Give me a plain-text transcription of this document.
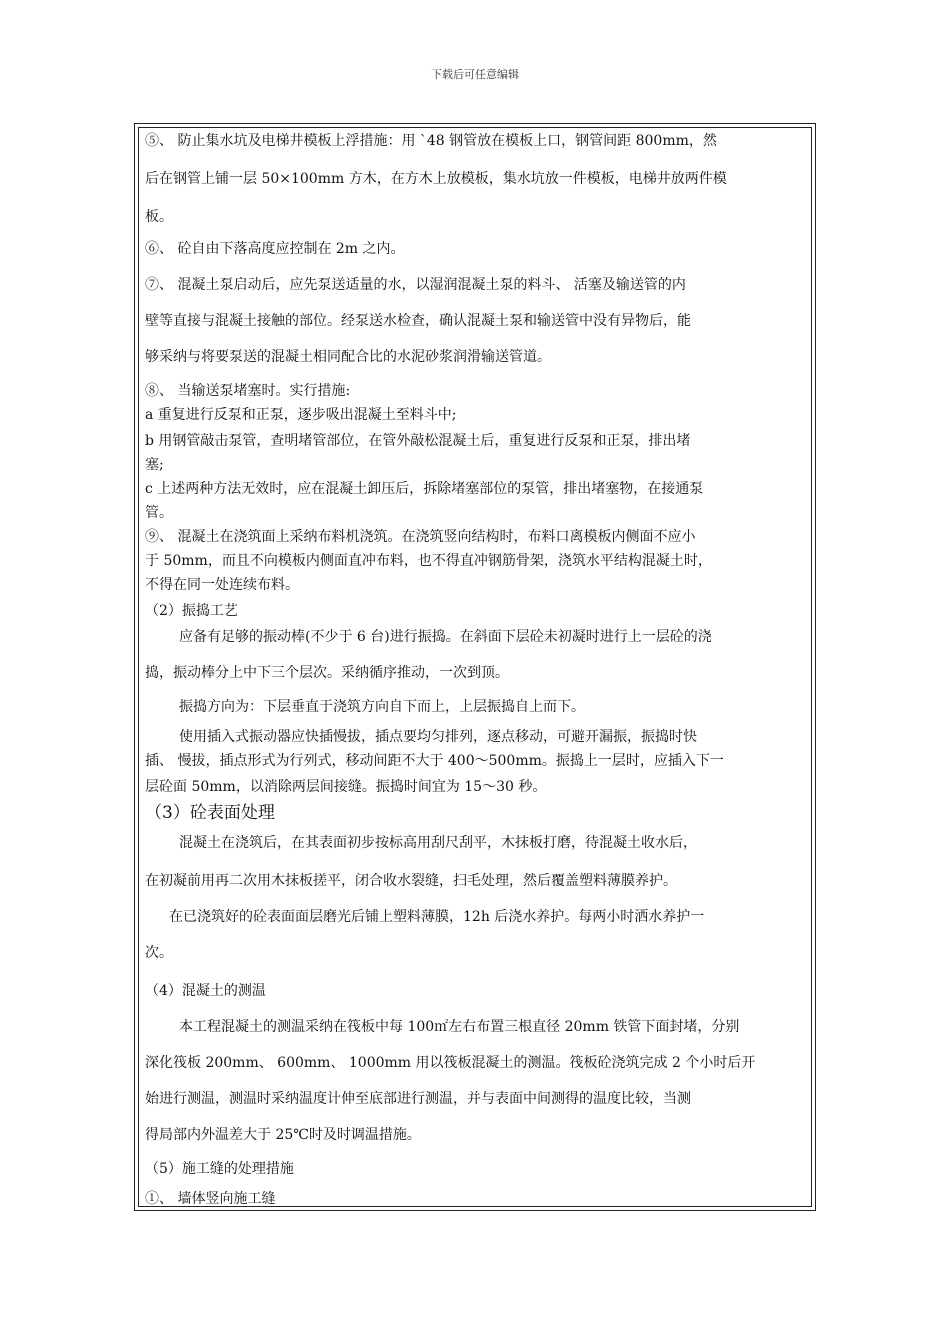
下载后可任意编辑
⑤、 防止集水坑及电梯井模板上浮措施：用 `48 钢管放在模板上口，钢管间距 800mm，然
后在钢管上铺一层 50×100mm 方木，在方木上放模板，集水坑放一件模板，电梯井放两件模
板。
⑥、 砼自由下落高度应控制在 2m 之内。
⑦、 混凝土泵启动后，应先泵送适量的水，以湿润混凝土泵的料斗、 活塞及输送管的内
壁等直接与混凝土接触的部位。经泵送水检查，确认混凝土泵和输送管中没有异物后，能
够采纳与将要泵送的混凝土相同配合比的水泥砂浆润滑输送管道。
⑧、 当输送泵堵塞时。实行措施:
a 重复进行反泵和正泵，逐步吸出混凝土至料斗中;
b 用钢管敲击泵管，查明堵管部位，在管外敲松混凝土后，重复进行反泵和正泵，排出堵
塞;
c 上述两种方法无效时，应在混凝土卸压后，拆除堵塞部位的泵管，排出堵塞物，在接通泵
管。
⑨、 混凝土在浇筑面上采纳布料机浇筑。在浇筑竖向结构时，布料口离模板内侧面不应小
于 50mm，而且不向模板内侧面直冲布料，也不得直冲钢筋骨架，浇筑水平结构混凝土时，
不得在同一处连续布料。
（2）振捣工艺
应备有足够的振动棒(不少于 6 台)进行振捣。在斜面下层砼未初凝时进行上一层砼的浇
捣，振动棒分上中下三个层次。采纳循序推动，一次到顶。
振捣方向为：下层垂直于浇筑方向自下而上，上层振捣自上而下。
使用插入式振动器应快插慢拔，插点要均匀排列，逐点移动，可避开漏振，振捣时快
插、 慢拔，插点形式为行列式，移动间距不大于 400～500mm。振捣上一层时，应插入下一
层砼面 50mm，以消除两层间接缝。振捣时间宜为 15～30 秒。
（3）砼表面处理
混凝土在浇筑后，在其表面初步按标高用刮尺刮平，木抹板打磨，待混凝土收水后，
在初凝前用再二次用木抹板搓平，闭合收水裂缝，扫毛处理，然后覆盖塑料薄膜养护。
在已浇筑好的砼表面面层磨光后铺上塑料薄膜，12h 后浇水养护。每两小时洒水养护一
次。
（4）混凝土的测温
本工程混凝土的测温采纳在筏板中每 100㎡左右布置三根直径 20mm 铁管下面封堵，分别
深化筏板 200mm、 600mm、 1000mm 用以筏板混凝土的测温。筏板砼浇筑完成 2 个小时后开
始进行测温，测温时采纳温度计伸至底部进行测温，并与表面中间测得的温度比较，当测
得局部内外温差大于 25℃时及时调温措施。
（5）施工缝的处理措施
①、 墙体竖向施工缝
